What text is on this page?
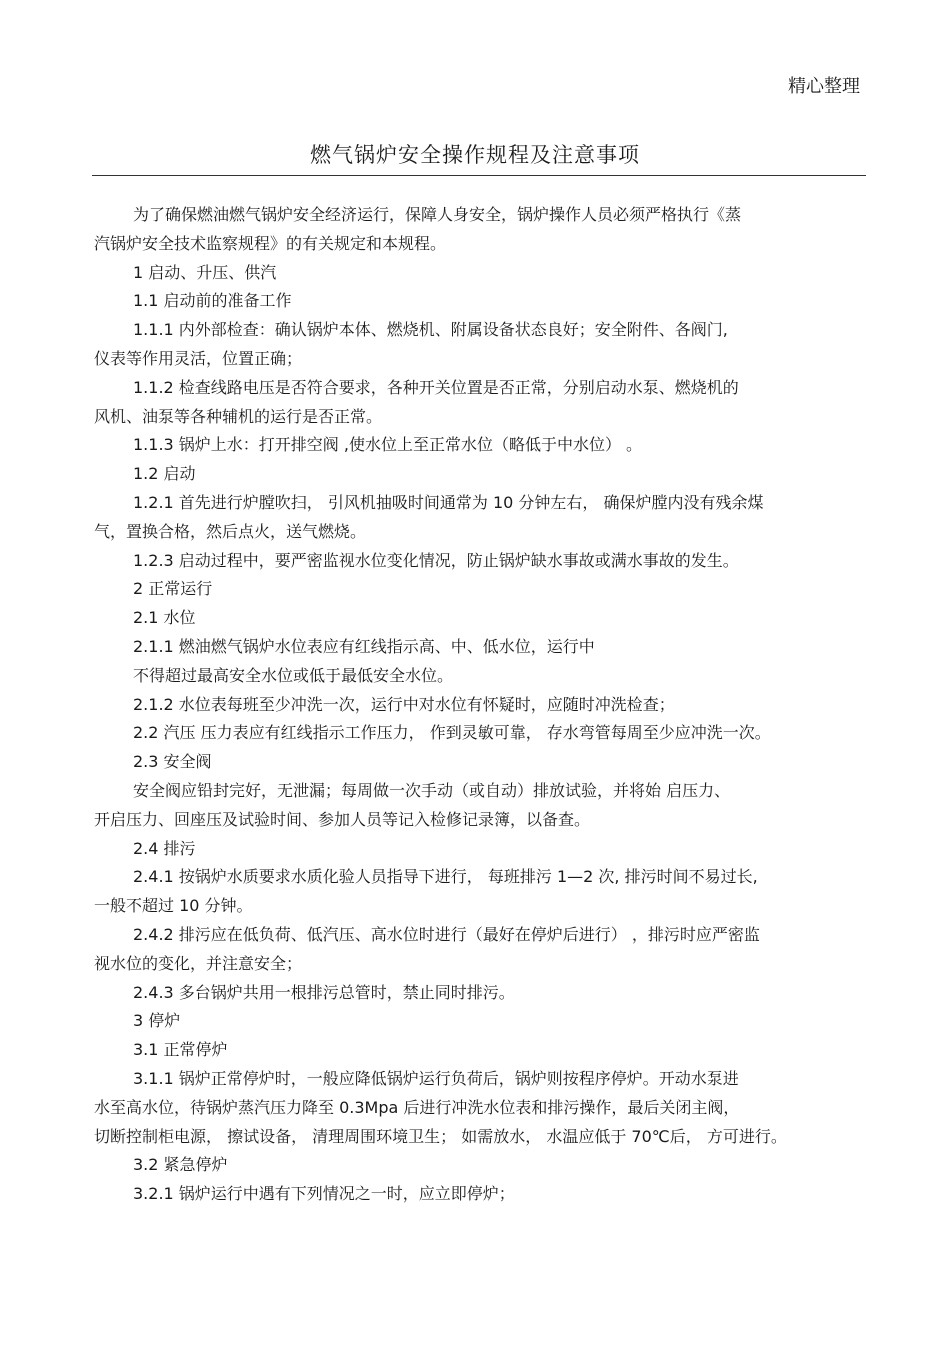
精心整理
燃气锅炉安全操作规程及注意事项
为了确保燃油燃气锅炉安全经济运行，保障人身安全，锅炉操作人员必须严格执行《蒸
汽锅炉安全技术监察规程》的有关规定和本规程。
1 启动、升压、供汽
1.1 启动前的准备工作
1.1.1 内外部检查：确认锅炉本体、燃烧机、附属设备状态良好；安全附件、各阀门,
仪表等作用灵活，位置正确；
1.1.2 检查线路电压是否符合要求，各种开关位置是否正常，分别启动水泵、燃烧机的
风机、油泵等各种辅机的运行是否正常。
1.1.3 锅炉上水：打开排空阀 ,使水位上至正常水位（略低于中水位） 。
1.2 启动
1.2.1 首先进行炉膛吹扫， 引风机抽吸时间通常为 10 分钟左右， 确保炉膛内没有残余煤
气，置换合格，然后点火，送气燃烧。
1.2.3 启动过程中，要严密监视水位变化情况，防止锅炉缺水事故或满水事故的发生。
2 正常运行
2.1 水位
2.1.1 燃油燃气锅炉水位表应有红线指示高、中、低水位，运行中
不得超过最高安全水位或低于最低安全水位。
2.1.2 水位表每班至少冲洗一次，运行中对水位有怀疑时，应随时冲洗检查；
2.2 汽压 压力表应有红线指示工作压力， 作到灵敏可靠， 存水弯管每周至少应冲洗一次。
2.3 安全阀
安全阀应铅封完好，无泄漏；每周做一次手动（或自动）排放试验，并将始 启压力、
开启压力、回座压及试验时间、参加人员等记入检修记录簿，以备查。
2.4 排污
2.4.1 按锅炉水质要求水质化验人员指导下进行， 每班排污 1—2 次, 排污时间不易过长,
一般不超过 10 分钟。
2.4.2 排污应在低负荷、低汽压、高水位时进行（最好在停炉后进行） ，排污时应严密监
视水位的变化，并注意安全；
2.4.3 多台锅炉共用一根排污总管时，禁止同时排污。
3 停炉
3.1 正常停炉
3.1.1 锅炉正常停炉时，一般应降低锅炉运行负荷后，锅炉则按程序停炉。开动水泵进
水至高水位，待锅炉蒸汽压力降至 0.3Mpa 后进行冲洗水位表和排污操作，最后关闭主阀，
切断控制柜电源， 擦试设备， 清理周围环境卫生； 如需放水， 水温应低于 70℃后， 方可进行。
3.2 紧急停炉
3.2.1 锅炉运行中遇有下列情况之一时，应立即停炉；
